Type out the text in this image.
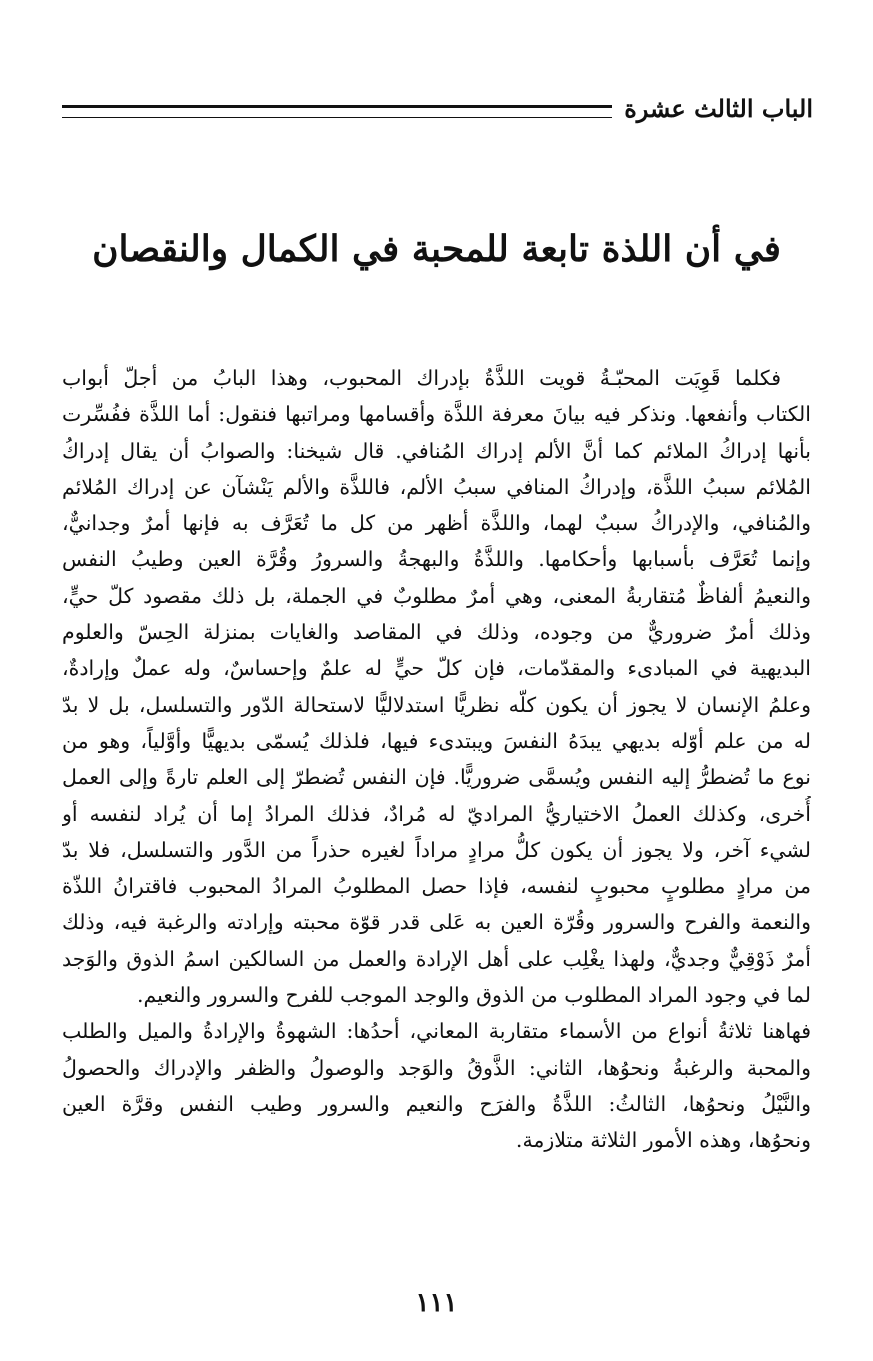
الباب الثالث عشرة
في أن اللذة تابعة للمحبة في الكمال والنقصان
فكلما قَوِيَت المحبّـةُ قويت اللذَّةُ بإدراك المحبوب، وهذا البابُ من أجلّ أبواب
الكتاب وأنفعها. ونذكر فيه بيانَ معرفة اللذَّة وأقسامها ومراتبها فنقول: أما اللذَّة ففُسِّرت
بأنها إدراكُ الملائم كما أنَّ الألم إدراك المُنافي. قال شيخنا: والصوابُ أن يقال إدراكُ
المُلائم سببُ اللذَّة، وإدراكُ المنافي سببُ الألم، فاللذَّة والألم يَنْشآن عن إدراك المُلائم
والمُنافي، والإدراكُ سببٌ لهما، واللذَّة أظهر من كل ما تُعَرَّف به فإنها أمرٌ وجدانيٌّ،
وإنما تُعَرَّف بأسبابها وأحكامها. واللذَّةُ والبهجةُ والسرورُ وقُرَّة العين وطيبُ النفس
والنعيمُ ألفاظٌ مُتقاربةُ المعنى، وهي أمرٌ مطلوبٌ في الجملة، بل ذلك مقصود كلّ حيٍّ،
وذلك أمرٌ ضروريٌّ من وجوده، وذلك في المقاصد والغايات بمنزلة الحِسّ والعلوم
البديهية في المبادىء والمقدّمات، فإن كلّ حيٍّ له علمٌ وإحساسٌ، وله عملٌ وإرادةٌ،
وعلمُ الإنسان لا يجوز أن يكون كلّه نظريًّا استدلاليًّا لاستحالة الدّور والتسلسل، بل لا بدّ
له من علم أوّله بديهي يبدَهُ النفسَ ويبتدىء فيها، فلذلك يُسمّى بديهيًّا وأوَّلياً، وهو من
نوع ما تُضطرُّ إليه النفس ويُسمَّى ضروريًّا. فإن النفس تُضطرّ إلى العلم تارةً وإلى العمل
أُخرى، وكذلك العملُ الاختياريُّ المراديّ له مُرادٌ، فذلك المرادُ إما أن يُراد لنفسه أو
لشيء آخر، ولا يجوز أن يكون كلُّ مرادٍ مراداً لغيره حذراً من الدَّور والتسلسل، فلا بدّ
من مرادٍ مطلوبٍ محبوبٍ لنفسه، فإذا حصل المطلوبُ المرادُ المحبوب فاقترانُ اللذّة
والنعمة والفرح والسرور وقُرّة العين به عَلى قدر قوّة محبته وإرادته والرغبة فيه، وذلك
أمرٌ ذَوْقِيٌّ وجديٌّ، ولهذا يغْلِب على أهل الإرادة والعمل من السالكين اسمُ الذوق والوَجد
لما في وجود المراد المطلوب من الذوق والوجد الموجب للفرح والسرور والنعيم.
فهاهنا ثلاثةُ أنواع من الأسماء متقاربة المعاني، أحدُها: الشهوةُ والإرادةُ والميل والطلب
والمحبة والرغبةُ ونحوُها، الثاني: الذَّوقُ والوَجد والوصولُ والظفر والإدراك والحصولُ
والنَّيْلُ ونحوُها، الثالثُ: اللذَّةُ والفرَح والنعيم والسرور وطيب النفس وقرَّة العين
ونحوُها، وهذه الأمور الثلاثة متلازمة.
١١١
